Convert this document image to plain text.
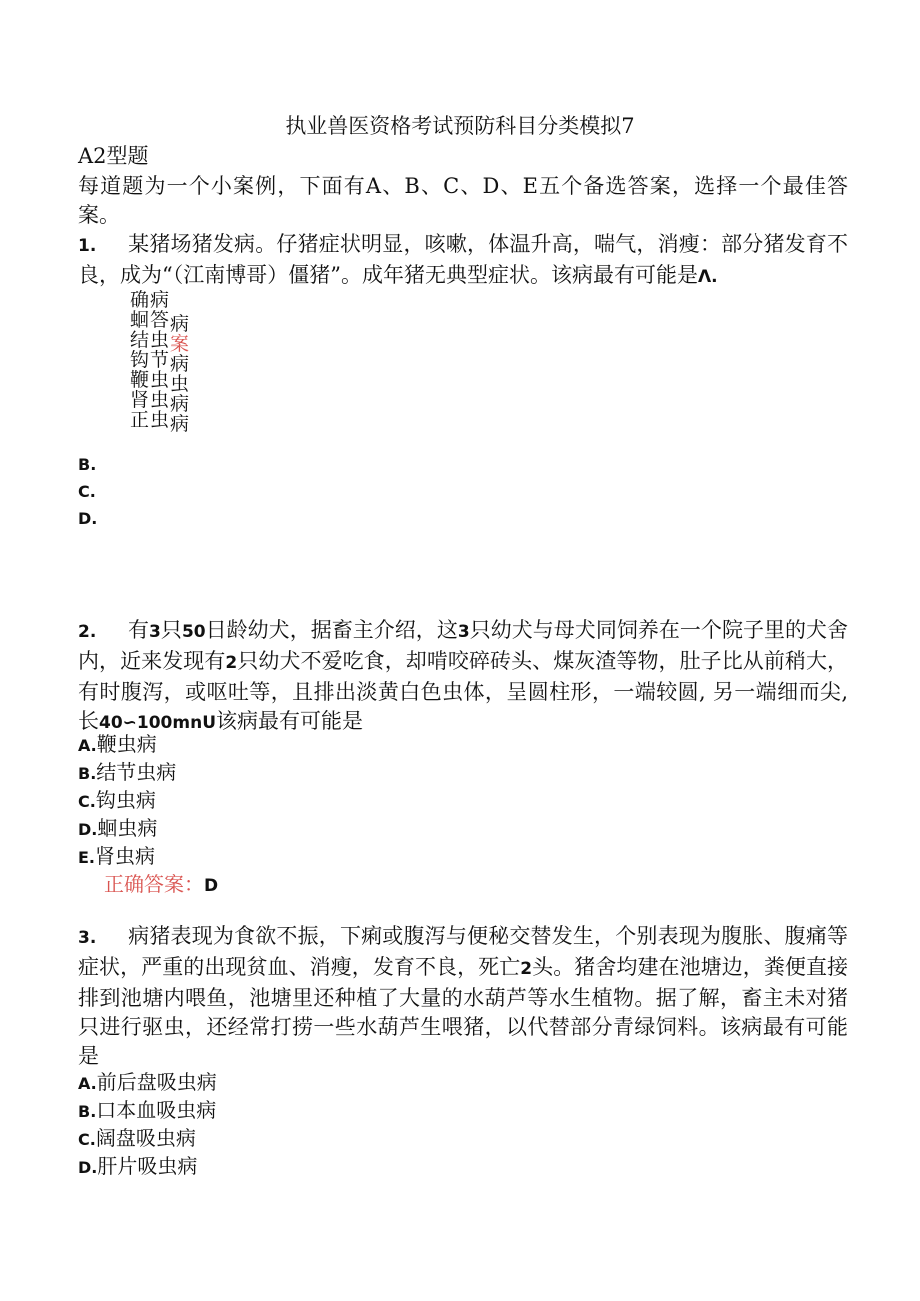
执业兽医资格考试预防科目分类模拟7
A2型题
每道题为一个小案例，下面有A、B、C、D、E五个备选答案，选择一个最佳答案。
1. 某猪场猪发病。仔猪症状明显，咳嗽，体温升高，喘气，消瘦：部分猪发育不良，成为“（江南博哥）僵猪”。成年猪无典型症状。该病最有可能是Λ.
确
蛔
结
钩
鞭
肾
正
病
答
虫
节
虫
虫
虫

病
案
病
虫
病
病
B.
C.
D.
2. 有3只50日龄幼犬，据畜主介绍，这3只幼犬与母犬同饲养在一个院子里的犬舍内，近来发现有2只幼犬不爱吃食，却啃咬碎砖头、煤灰渣等物，肚子比从前稍大，有时腹泻，或呕吐等，且排出淡黄白色虫体，呈圆柱形，一端较圆, 另一端细而尖, 长40∽100mnU该病最有可能是
A.鞭虫病
B.结节虫病
C.钩虫病
D.蛔虫病
E.肾虫病
正确答案：D
3. 病猪表现为食欲不振，下痢或腹泻与便秘交替发生，个别表现为腹胀、腹痛等症状，严重的出现贫血、消瘦，发育不良，死亡2头。猪舍均建在池塘边，粪便直接排到池塘内喂鱼，池塘里还种植了大量的水葫芦等水生植物。据了解，畜主未对猪只进行驱虫，还经常打捞一些水葫芦生喂猪，以代替部分青绿饲料。该病最有可能是
A.前后盘吸虫病
B.口本血吸虫病
C.阔盘吸虫病
D.肝片吸虫病
